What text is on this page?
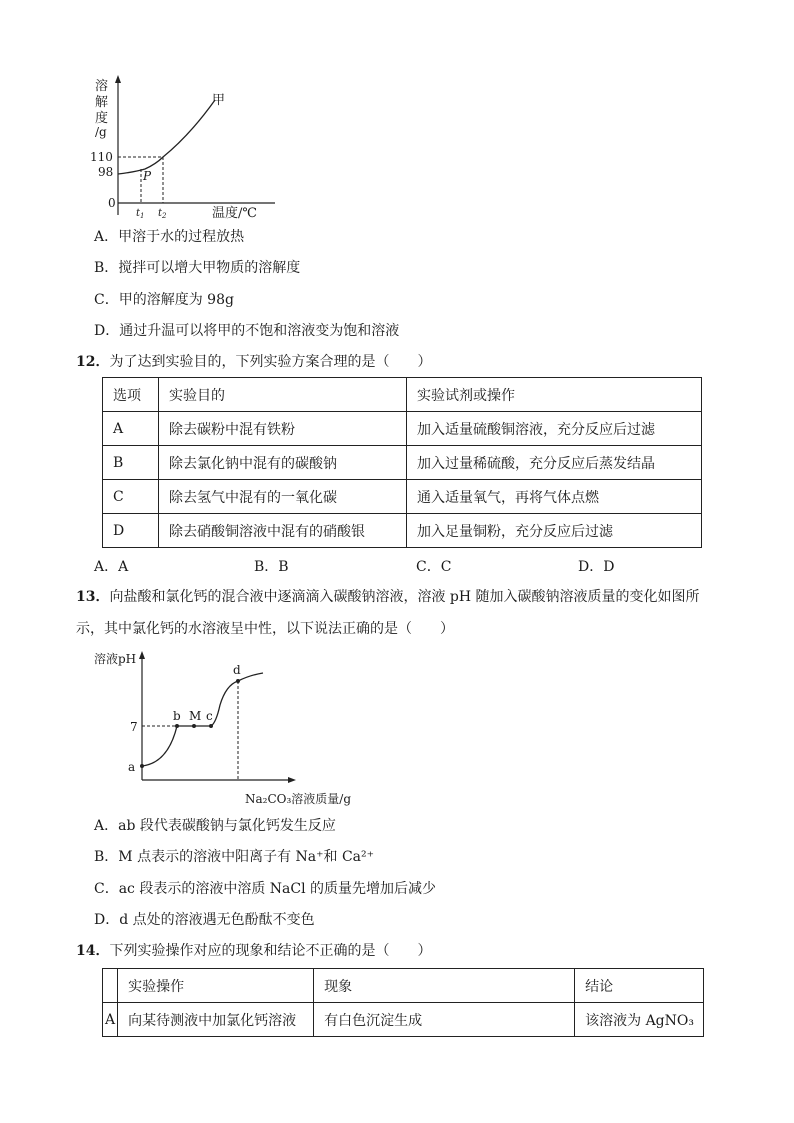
溶
解
度
/g
110
98
0
甲
P
$t_1$ $t_2$	温度/℃
A．甲溶于水的过程放热
B．搅拌可以增大甲物质的溶解度
C．甲的溶解度为 98g
D．通过升温可以将甲的不饱和溶液变为饱和溶液
12．为了达到实验目的，下列实验方案合理的是（　　）
选项	实验目的	实验试剂或操作
A	除去碳粉中混有铁粉	加入适量硫酸铜溶液，充分反应后过滤
B	除去氯化钠中混有的碳酸钠	加入过量稀硫酸，充分反应后蒸发结晶
C	除去氢气中混有的一氧化碳	通入适量氧气，再将气体点燃
D	除去硝酸铜溶液中混有的硝酸银	加入足量铜粉，充分反应后过滤
A．A	B．B	C．C	D．D
13．向盐酸和氯化钙的混合液中逐滴滴入碳酸钠溶液，溶液 pH 随加入碳酸钠溶液质量的变化如图所
示，其中氯化钙的水溶液呈中性，以下说法正确的是（　　）
溶液pH
7
a
b M c
d
Na₂CO₃溶液质量/g
A．ab 段代表碳酸钠与氯化钙发生反应
B．M 点表示的溶液中阳离子有 Na⁺和 Ca²⁺
C．ac 段表示的溶液中溶质 NaCl 的质量先增加后减少
D．d 点处的溶液遇无色酚酞不变色
14．下列实验操作对应的现象和结论不正确的是（　　）
	实验操作	现象	结论
A	向某待测液中加氯化钙溶液	有白色沉淀生成	该溶液为 AgNO₃
